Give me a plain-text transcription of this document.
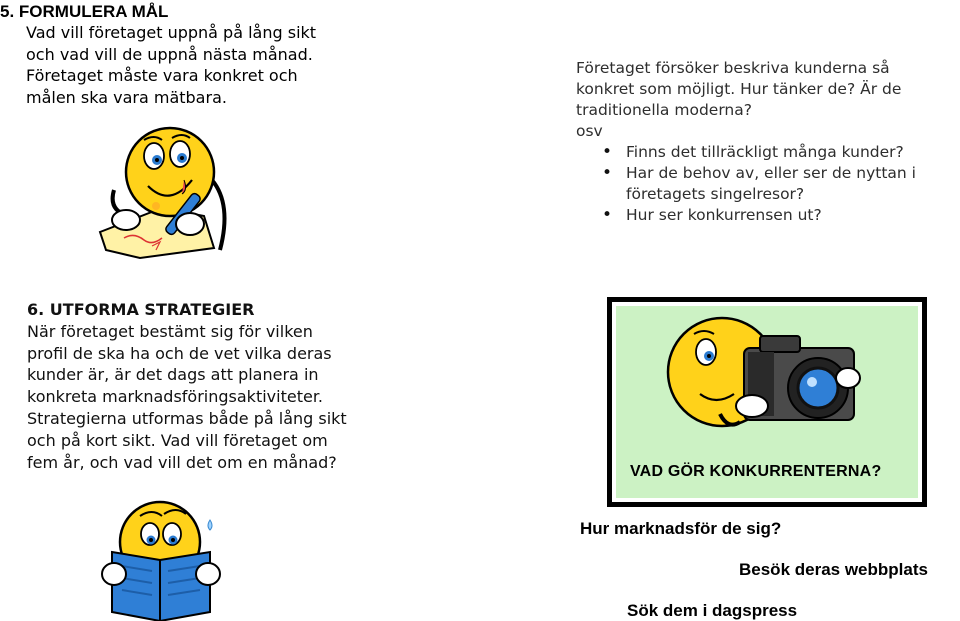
5. FORMULERA MÅL
Vad vill företaget uppnå på lång sikt
och vad vill de uppnå nästa månad.
Företaget måste vara konkret och
målen ska vara mätbara.
Företaget försöker beskriva kunderna så
konkret som möjligt. Hur tänker de? Är de
traditionella moderna?
osv
• Finns det tillräckligt många kunder?
• Har de behov av, eller ser de nyttan i
företagets singelresor?
• Hur ser konkurrensen ut?
6. UTFORMA STRATEGIER
När företaget bestämt sig för vilken
profil de ska ha och de vet vilka deras
kunder är, är det dags att planera in
konkreta marknadsföringsaktiviteter.
Strategierna utformas både på lång sikt
och på kort sikt. Vad vill företaget om
fem år, och vad vill det om en månad?	VAD GÖR KONKURRENTERNA?
Hur marknadsför de sig?
Besök deras webbplats
Sök dem i dagspress
